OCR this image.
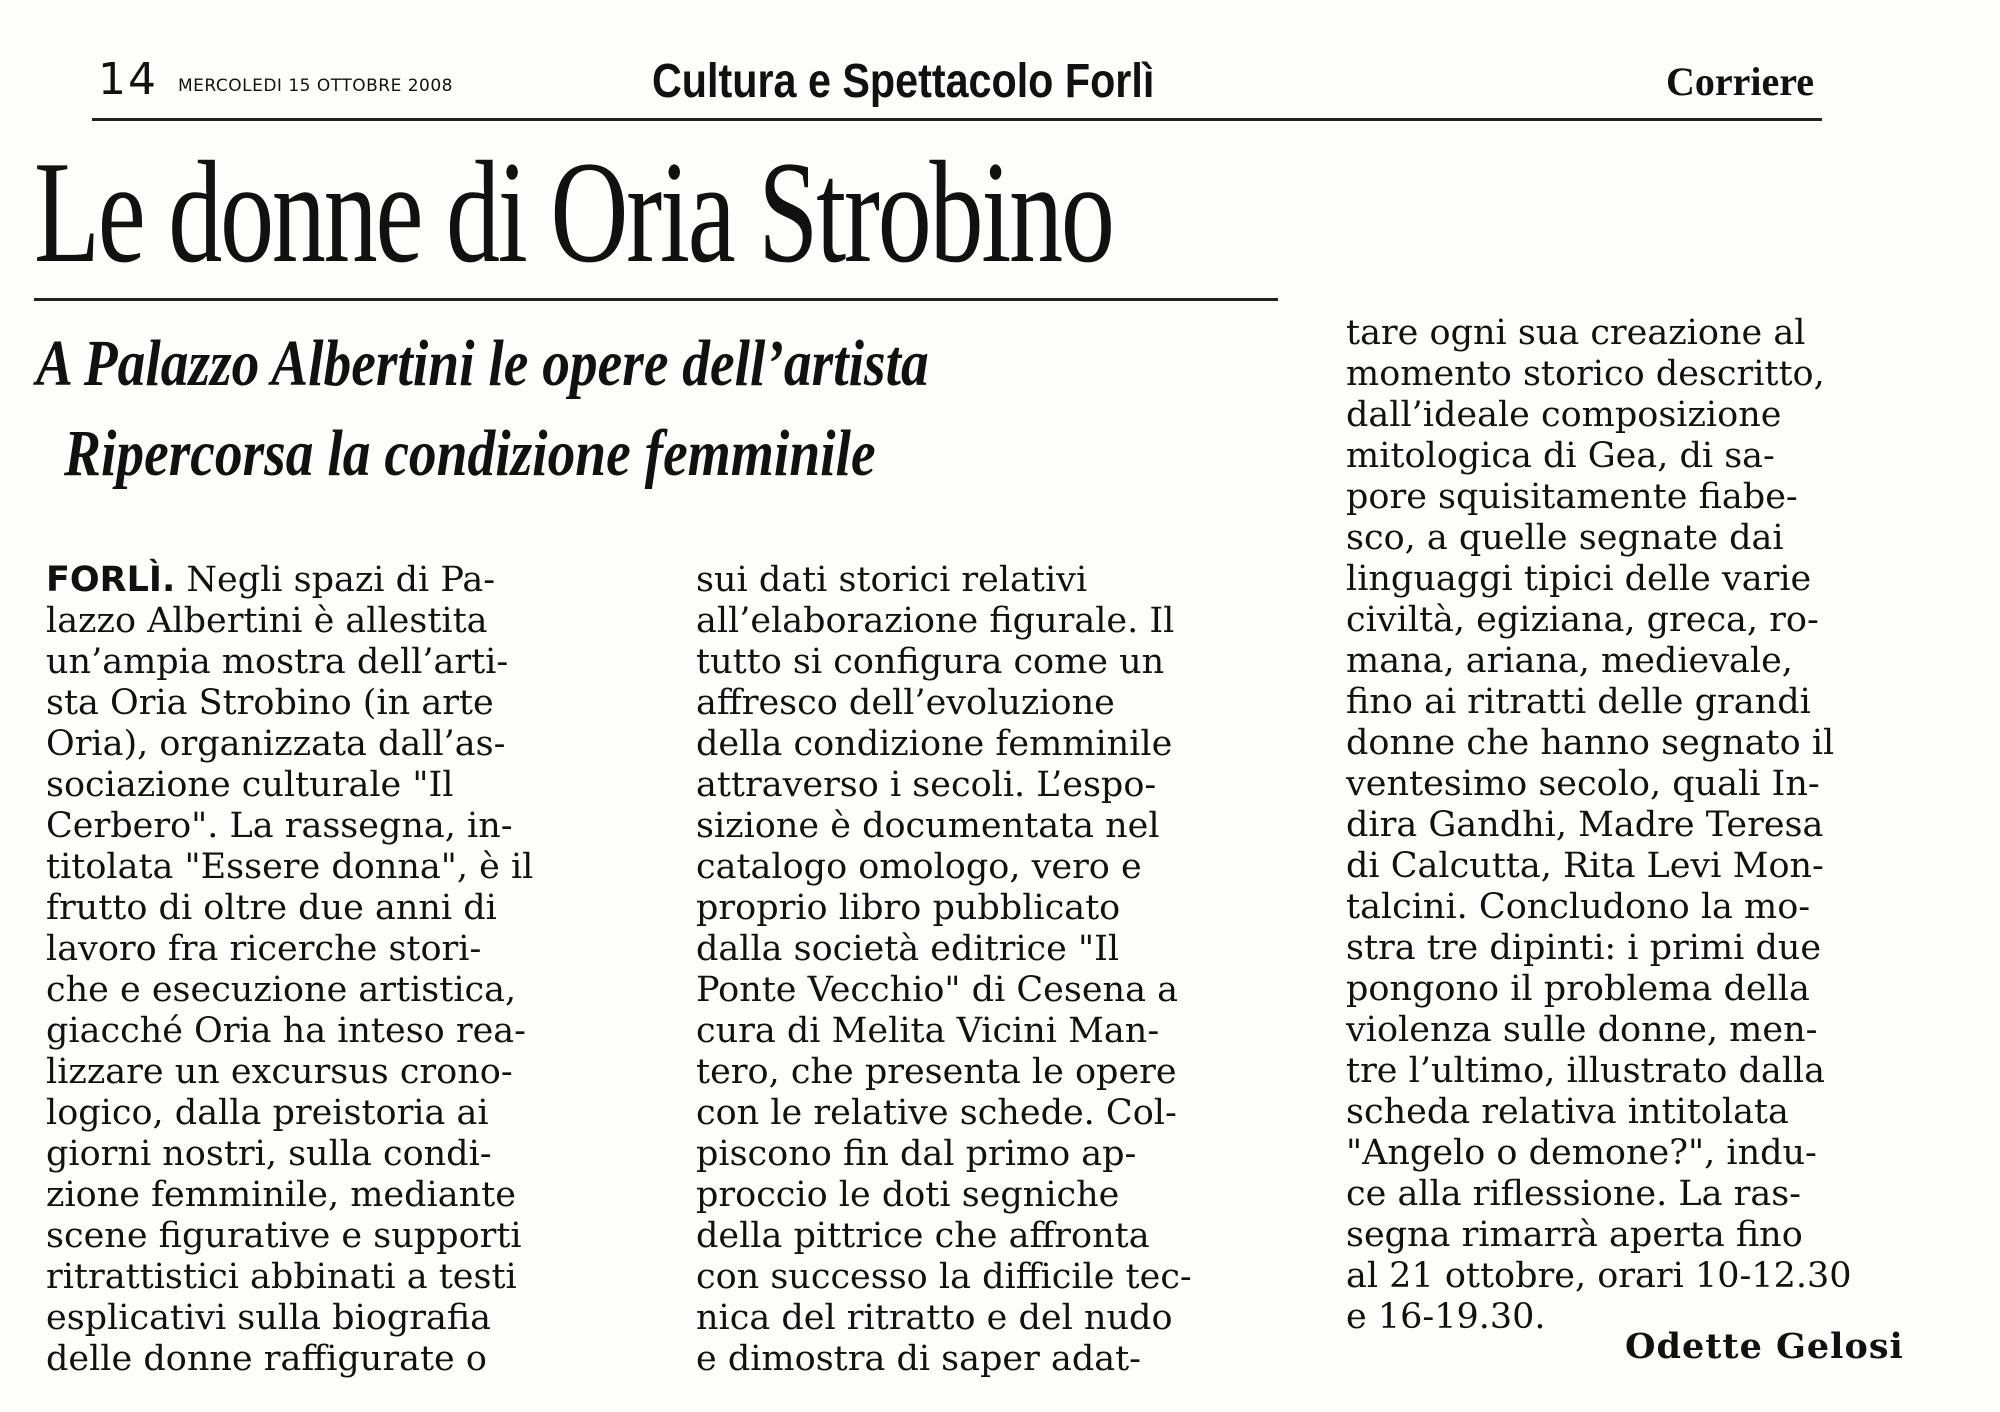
14 MERCOLEDI 15 OTTOBRE 2008	Cultura e Spettacolo Forlì	Corriere
Le donne di Oria Strobino
A Palazzo Albertini le opere dell’artista
Ripercorsa la condizione femminile
FORLÌ. Negli spazi di Pa-
lazzo Albertini è allestita
un’ampia mostra dell’arti-
sta Oria Strobino (in arte
Oria), organizzata dall’as-
sociazione culturale "Il
Cerbero". La rassegna, in-
titolata "Essere donna", è il
frutto di oltre due anni di
lavoro fra ricerche stori-
che e esecuzione artistica,
giacché Oria ha inteso rea-
lizzare un excursus crono-
logico, dalla preistoria ai
giorni nostri, sulla condi-
zione femminile, mediante
scene figurative e supporti
ritrattistici abbinati a testi
esplicativi sulla biografia
delle donne raffigurate o
sui dati storici relativi
all’elaborazione figurale. Il
tutto si configura come un
affresco dell’evoluzione
della condizione femminile
attraverso i secoli. L’espo-
sizione è documentata nel
catalogo omologo, vero e
proprio libro pubblicato
dalla società editrice "Il
Ponte Vecchio" di Cesena a
cura di Melita Vicini Man-
tero, che presenta le opere
con le relative schede. Col-
piscono fin dal primo ap-
proccio le doti segniche
della pittrice che affronta
con successo la difficile tec-
nica del ritratto e del nudo
e dimostra di saper adat-
tare ogni sua creazione al
momento storico descritto,
dall’ideale composizione
mitologica di Gea, di sa-
pore squisitamente fiabe-
sco, a quelle segnate dai
linguaggi tipici delle varie
civiltà, egiziana, greca, ro-
mana, ariana, medievale,
fino ai ritratti delle grandi
donne che hanno segnato il
ventesimo secolo, quali In-
dira Gandhi, Madre Teresa
di Calcutta, Rita Levi Mon-
talcini. Concludono la mo-
stra tre dipinti: i primi due
pongono il problema della
violenza sulle donne, men-
tre l’ultimo, illustrato dalla
scheda relativa intitolata
"Angelo o demone?", indu-
ce alla riflessione. La ras-
segna rimarrà aperta fino
al 21 ottobre, orari 10-12.30
e 16-19.30.
Odette Gelosi
